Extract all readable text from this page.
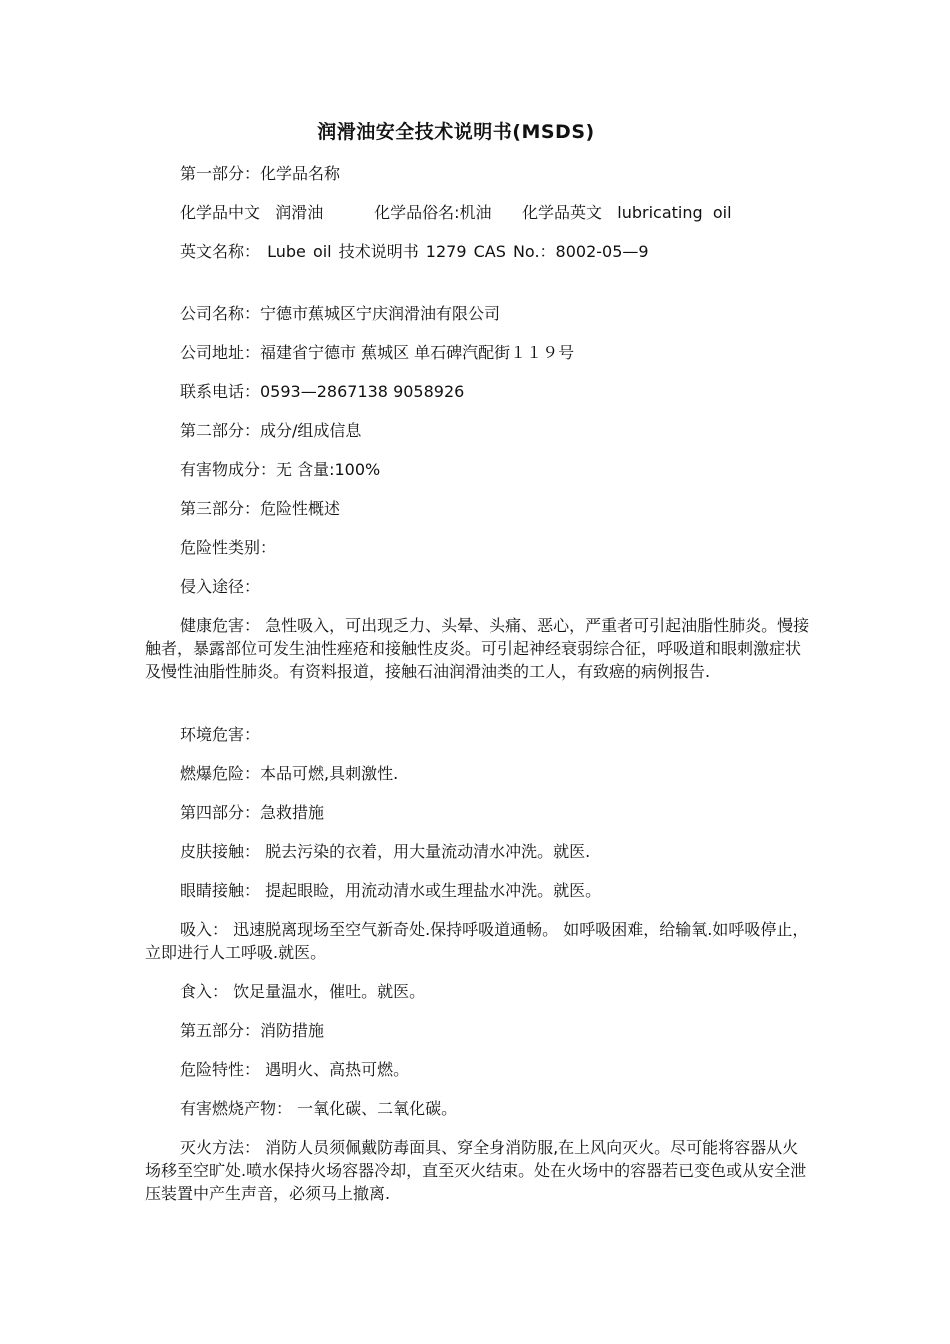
润滑油安全技术说明书(MSDS)
第一部分：化学品名称
化学品中文   润滑油          化学品俗名:机油      化学品英文   lubricating  oil
英文名称： Lube oil 技术说明书 1279 CAS No.：8002-05—9
公司名称：宁德市蕉城区宁庆润滑油有限公司
公司地址：福建省宁德市 蕉城区 单石碑汽配街１１９号
联系电话：0593—2867138 9058926
第二部分：成分/组成信息
有害物成分：无 含量:100%
第三部分：危险性概述
危险性类别：
侵入途径：
健康危害： 急性吸入，可出现乏力、头晕、头痛、恶心，严重者可引起油脂性肺炎。慢接触者，暴露部位可发生油性痤疮和接触性皮炎。可引起神经衰弱综合征，呼吸道和眼刺激症状及慢性油脂性肺炎。有资料报道，接触石油润滑油类的工人，有致癌的病例报告.
环境危害：
燃爆危险：本品可燃,具刺激性.
第四部分：急救措施
皮肤接触： 脱去污染的衣着，用大量流动清水冲洗。就医.
眼睛接触： 提起眼睑，用流动清水或生理盐水冲洗。就医。
吸入： 迅速脱离现场至空气新奇处.保持呼吸道通畅。 如呼吸困难，给输氧.如呼吸停止，立即进行人工呼吸.就医。
食入： 饮足量温水，催吐。就医。
第五部分：消防措施
危险特性： 遇明火、高热可燃。
有害燃烧产物： 一氧化碳、二氧化碳。
灭火方法： 消防人员须佩戴防毒面具、穿全身消防服,在上风向灭火。尽可能将容器从火场移至空旷处.喷水保持火场容器冷却，直至灭火结束。处在火场中的容器若已变色或从安全泄压装置中产生声音，必须马上撤离.
